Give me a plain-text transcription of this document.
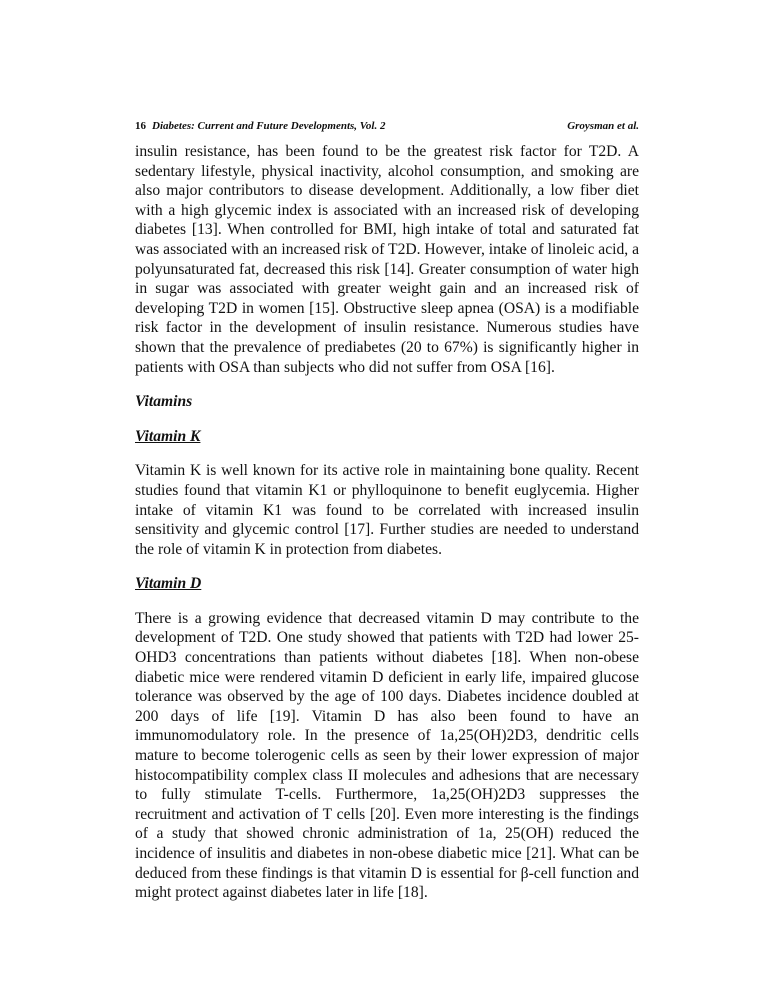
16 Diabetes: Current and Future Developments, Vol. 2	Groysman et al.

insulin resistance, has been found to be the greatest risk factor for T2D. A sedentary lifestyle, physical inactivity, alcohol consumption, and smoking are also major contributors to disease development. Additionally, a low fiber diet with a high glycemic index is associated with an increased risk of developing diabetes [13]. When controlled for BMI, high intake of total and saturated fat was associated with an increased risk of T2D. However, intake of linoleic acid, a polyunsaturated fat, decreased this risk [14]. Greater consumption of water high in sugar was associated with greater weight gain and an increased risk of developing T2D in women [15]. Obstructive sleep apnea (OSA) is a modifiable risk factor in the development of insulin resistance. Numerous studies have shown that the prevalence of prediabetes (20 to 67%) is significantly higher in patients with OSA than subjects who did not suffer from OSA [16].

Vitamins
Vitamin K

Vitamin K is well known for its active role in maintaining bone quality. Recent studies found that vitamin K1 or phylloquinone to benefit euglycemia. Higher intake of vitamin K1 was found to be correlated with increased insulin sensitivity and glycemic control [17]. Further studies are needed to understand the role of vitamin K in protection from diabetes.

Vitamin D

There is a growing evidence that decreased vitamin D may contribute to the development of T2D. One study showed that patients with T2D had lower 25-OHD3 concentrations than patients without diabetes [18]. When non-obese diabetic mice were rendered vitamin D deficient in early life, impaired glucose tolerance was observed by the age of 100 days. Diabetes incidence doubled at 200 days of life [19]. Vitamin D has also been found to have an immunomodulatory role. In the presence of 1a,25(OH)2D3, dendritic cells mature to become tolerogenic cells as seen by their lower expression of major histocompatibility complex class II molecules and adhesions that are necessary to fully stimulate T-cells. Furthermore, 1a,25(OH)2D3 suppresses the recruitment and activation of T cells [20]. Even more interesting is the findings of a study that showed chronic administration of 1a, 25(OH) reduced the incidence of insulitis and diabetes in non-obese diabetic mice [21]. What can be deduced from these findings is that vitamin D is essential for β-cell function and might protect against diabetes later in life [18].
